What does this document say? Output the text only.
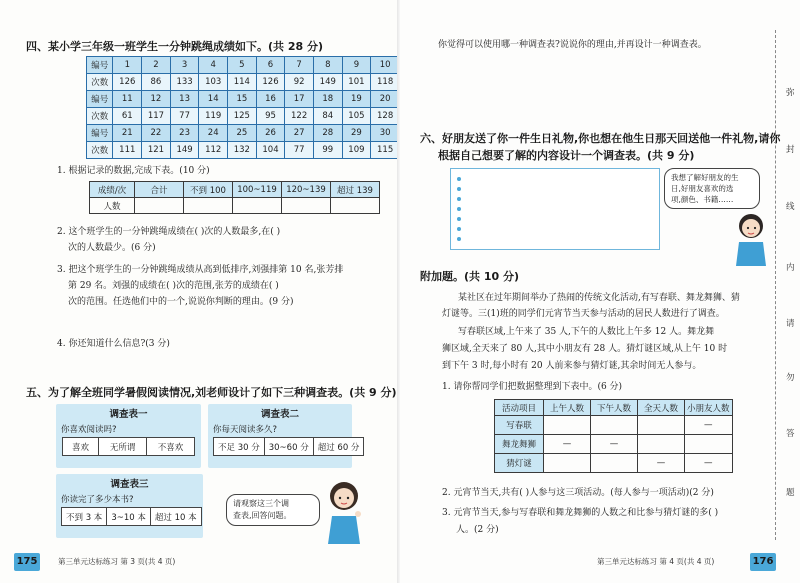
四、某小学三年级一班学生一分钟跳绳成绩如下。(共 28 分)
编号	1	2	3	4	5	6	7	8	9	10
次数	126	86	133	103	114	126	92	149	101	118
编号	11	12	13	14	15	16	17	18	19	20
次数	61	117	77	119	125	95	122	84	105	128
编号	21	22	23	24	25	26	27	28	29	30
次数	111	121	149	112	132	104	77	99	109	115
1. 根据记录的数据,完成下表。(10 分)
成绩/次	合计	不到 100	100~119	120~139	超过 139
人数					
2. 这个班学生的一分钟跳绳成绩在( )次的人数最多,在( )
次的人数最少。(6 分)
3. 把这个班学生的一分钟跳绳成绩从高到低排序,刘强排第 10 名,张芳排
第 29 名。刘强的成绩在( )次的范围,张芳的成绩在( )
次的范围。任选他们中的一个,说说你判断的理由。(9 分)
4. 你还知道什么信息?(3 分)
五、为了解全班同学暑假阅读情况,刘老师设计了如下三种调查表。(共 9 分)
调查表一
你喜欢阅读吗?
喜欢	无所谓	不喜欢
调查表二
你每天阅读多久?
不足 30 分	30~60 分	超过 60 分
调查表三
你读完了多少本书?
不到 3 本	3~10 本	超过 10 本
请观察这三个调
查表,回答问题。
175	第三单元达标练习 第 3 页(共 4 页)
你觉得可以使用哪一种调查表?说说你的理由,并再设计一种调查表。
六、好朋友送了你一件生日礼物,你也想在他生日那天回送他一件礼物,请你
根据自己想要了解的内容设计一个调查表。(共 9 分)
我想了解好朋友的生
日,好朋友喜欢的选
项,颜色、书籍……
附加题。(共 10 分)
某社区在过年期间举办了热闹的传统文化活动,有写春联、舞龙舞狮、猜
灯谜等。三(1)班的同学们元宵节当天参与活动的居民人数进行了调查。
写春联区域,上午来了 35 人,下午的人数比上午多 12 人。舞龙舞
狮区域,全天来了 80 人,其中小朋友有 28 人。猜灯谜区域,从上午 10 时
到下午 3 时,每小时有 20 人前来参与猜灯谜,其余时间无人参与。
1. 请你帮同学们把数据整理到下表中。(6 分)
活动项目	上午人数	下午人数	全天人数	小朋友人数
写春联				—
舞龙舞狮	—	—		
猜灯谜			—	—
2. 元宵节当天,共有( )人参与这三项活动。(每人参与一项活动)(2 分)
3. 元宵节当天,参与写春联和舞龙舞狮的人数之和比参与猜灯谜的多( )
人。(2 分)
第三单元达标练习 第 4 页(共 4 页)	176
弥
封
线
内
请
勿
答
题
